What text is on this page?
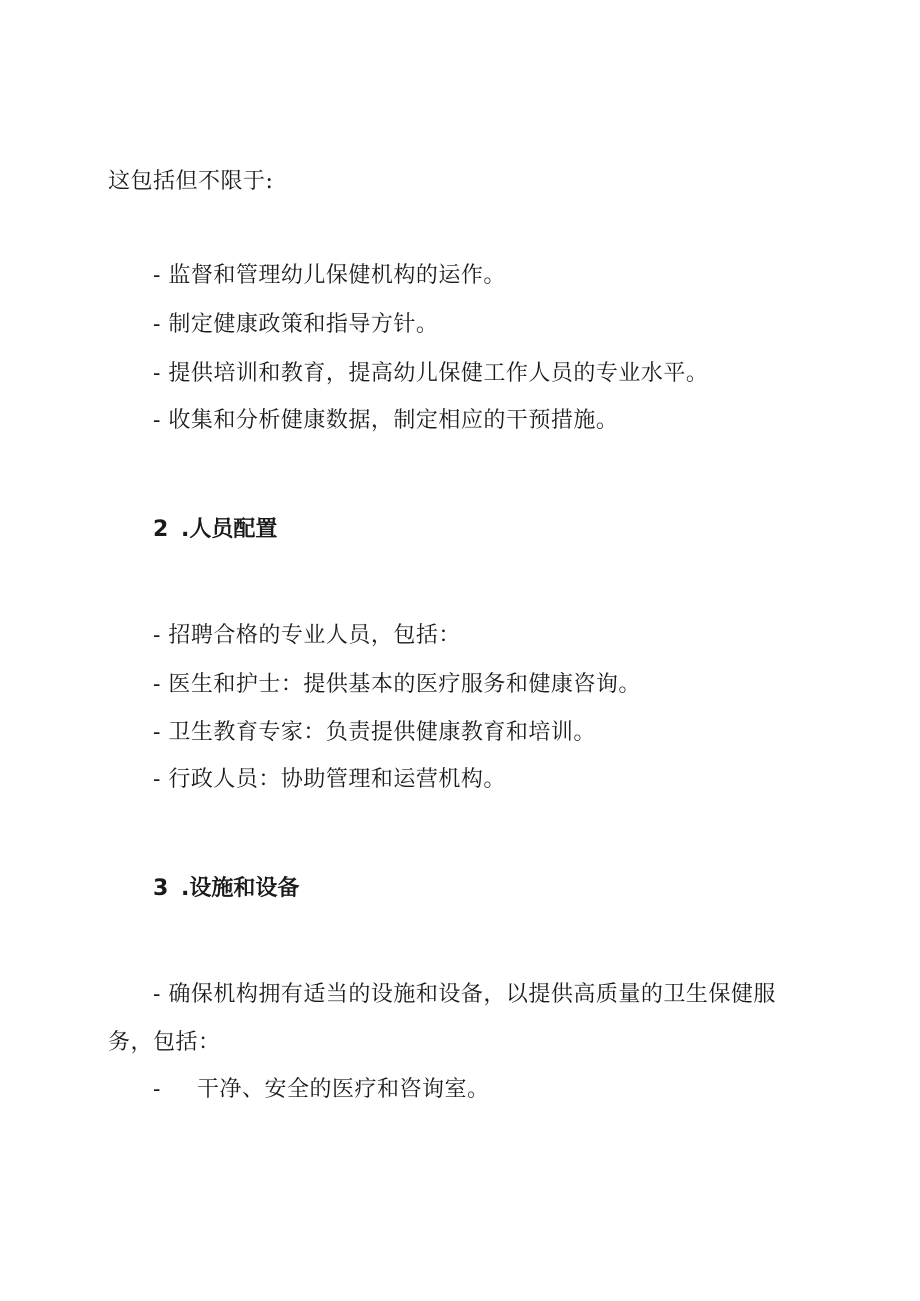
这包括但不限于:
- 监督和管理幼儿保健机构的运作。
- 制定健康政策和指导方针。
- 提供培训和教育，提高幼儿保健工作人员的专业水平。
- 收集和分析健康数据，制定相应的干预措施。
2 .人员配置
- 招聘合格的专业人员，包括：
- 医生和护士：提供基本的医疗服务和健康咨询。
- 卫生教育专家：负责提供健康教育和培训。
- 行政人员：协助管理和运营机构。
3 .设施和设备
- 确保机构拥有适当的设施和设备，以提供高质量的卫生保健服
务，包括：
- 干净、安全的医疗和咨询室。
